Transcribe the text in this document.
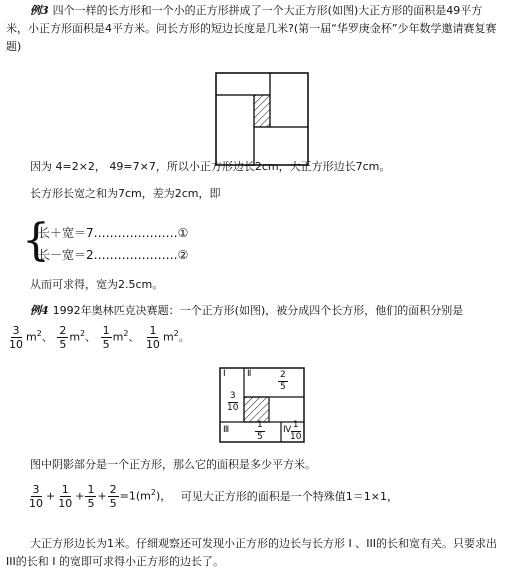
例3 四个一样的长方形和一个小的正方形拼成了一个大正方形(如图)大正方形的面积是49平方米，小正方形面积是4平方米。问长方形的短边长度是几米?(第一届“华罗庚金杯”少年数学邀请赛复赛题)

因为 4=2×2， 49=7×7，所以小正方形边长2cm，大正方形边长7cm。

长方形长宽之和为7cm，差为2cm，即

{
长＋宽＝7…………………①
长－宽＝2…………………②

从而可求得，宽为2.5cm。

例4 1992年奥林匹克决赛题：一个正方形(如图)，被分成四个长方形，他们的面积分别是

$\frac{3}{10} m^2$、 $\frac{2}{5} m^2$、 $\frac{1}{5} m^2$、 $\frac{1}{10} m^2$。
I Ⅱ
Ⅲ	Ⅳ
$\frac{3}{10}$
$\frac{2}{5}$
$\frac{1}{5}$	$\frac{1}{10}$

图中阴影部分是一个正方形，那么它的面积是多少平方米。

$\frac{3}{10} + \frac{1}{10} + \frac{1}{5} + \frac{2}{5} =1(m^2)$， 可见大正方形的面积是一个特殊值1＝1×1，

大正方形边长为1米。仔细观察还可发现小正方形的边长与长方形 I 、III的长和宽有关。只要求出III的长和 I 的宽即可求得小正方形的边长了。
